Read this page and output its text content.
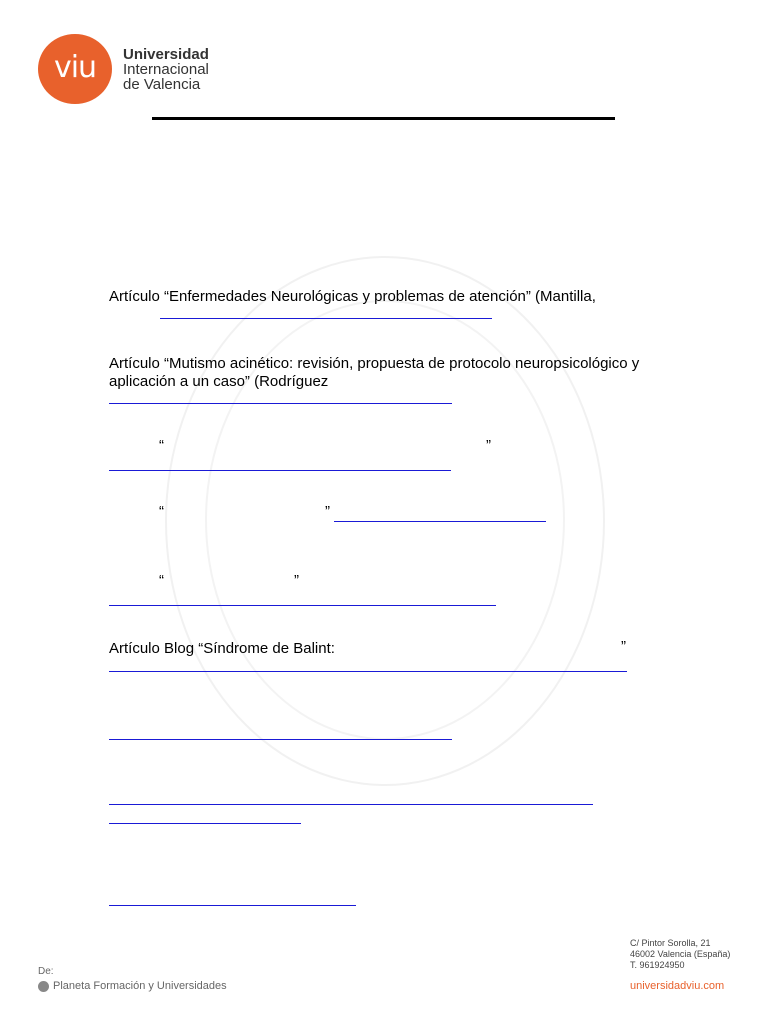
viu Universidad
Internacional
de Valencia
Artículo “Enfermedades Neurológicas y problemas de atención” (Mantilla,
Artículo “Mutismo acinético: revisión, propuesta de protocolo neuropsicológico y
aplicación a un caso” (Rodríguez
“	”
“	”
“	”
Artículo Blog “Síndrome de Balint:	”
C/ Pintor Sorolla, 21
46002 Valencia (España)
T. 961924950
universidadviu.com
De:
Planeta Formación y Universidades
